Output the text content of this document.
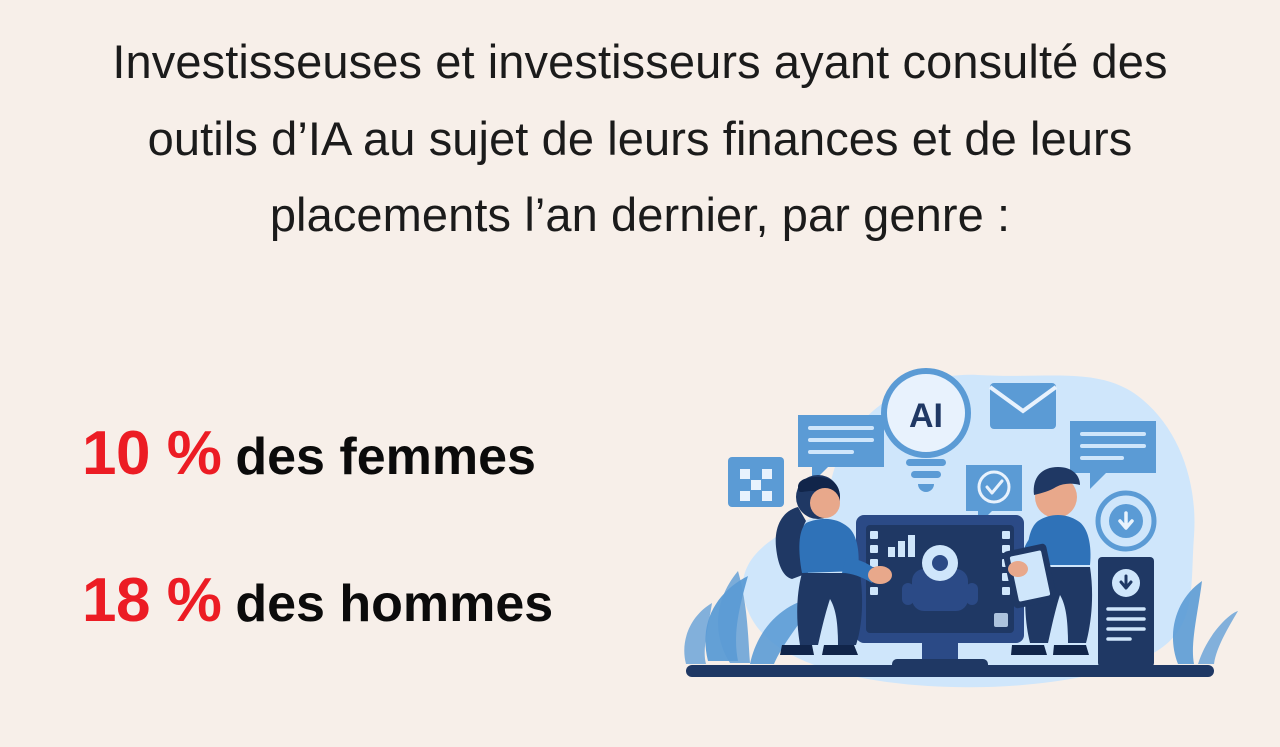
Investisseuses et investisseurs ayant consulté des
outils d’IA au sujet de leurs finances et de leurs
placements l’an dernier, par genre :
10 % des femmes
18 % des hommes
AI
